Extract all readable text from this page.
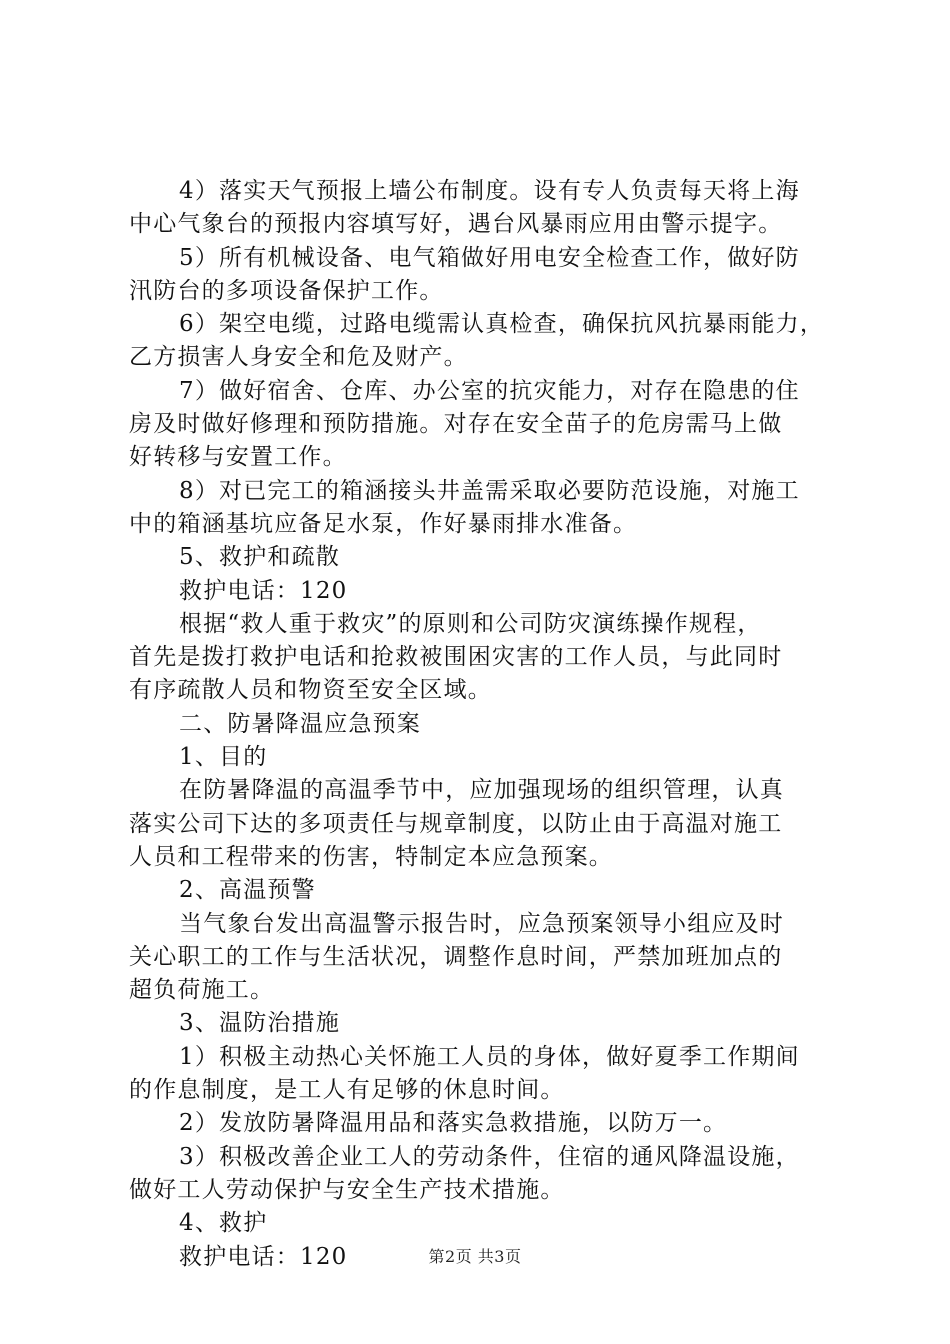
4）落实天气预报上墙公布制度。设有专人负责每天将上海
中心气象台的预报内容填写好，遇台风暴雨应用由警示提字。
5）所有机械设备、电气箱做好用电安全检查工作，做好防
汛防台的多项设备保护工作。
6）架空电缆，过路电缆需认真检查，确保抗风抗暴雨能力，
乙方损害人身安全和危及财产。
7）做好宿舍、仓库、办公室的抗灾能力，对存在隐患的住
房及时做好修理和预防措施。对存在安全苗子的危房需马上做
好转移与安置工作。
8）对已完工的箱涵接头井盖需采取必要防范设施，对施工
中的箱涵基坑应备足水泵，作好暴雨排水准备。
5、救护和疏散
救护电话：120
根据“救人重于救灾”的原则和公司防灾演练操作规程，
首先是拨打救护电话和抢救被围困灾害的工作人员，与此同时
有序疏散人员和物资至安全区域。
二、防暑降温应急预案
1、目的
在防暑降温的高温季节中，应加强现场的组织管理，认真
落实公司下达的多项责任与规章制度，以防止由于高温对施工
人员和工程带来的伤害，特制定本应急预案。
2、高温预警
当气象台发出高温警示报告时，应急预案领导小组应及时
关心职工的工作与生活状况，调整作息时间，严禁加班加点的
超负荷施工。
3、温防治措施
1）积极主动热心关怀施工人员的身体，做好夏季工作期间
的作息制度，是工人有足够的休息时间。
2）发放防暑降温用品和落实急救措施，以防万一。
3）积极改善企业工人的劳动条件，住宿的通风降温设施，
做好工人劳动保护与安全生产技术措施。
4、救护
救护电话：120	第2页 共3页
